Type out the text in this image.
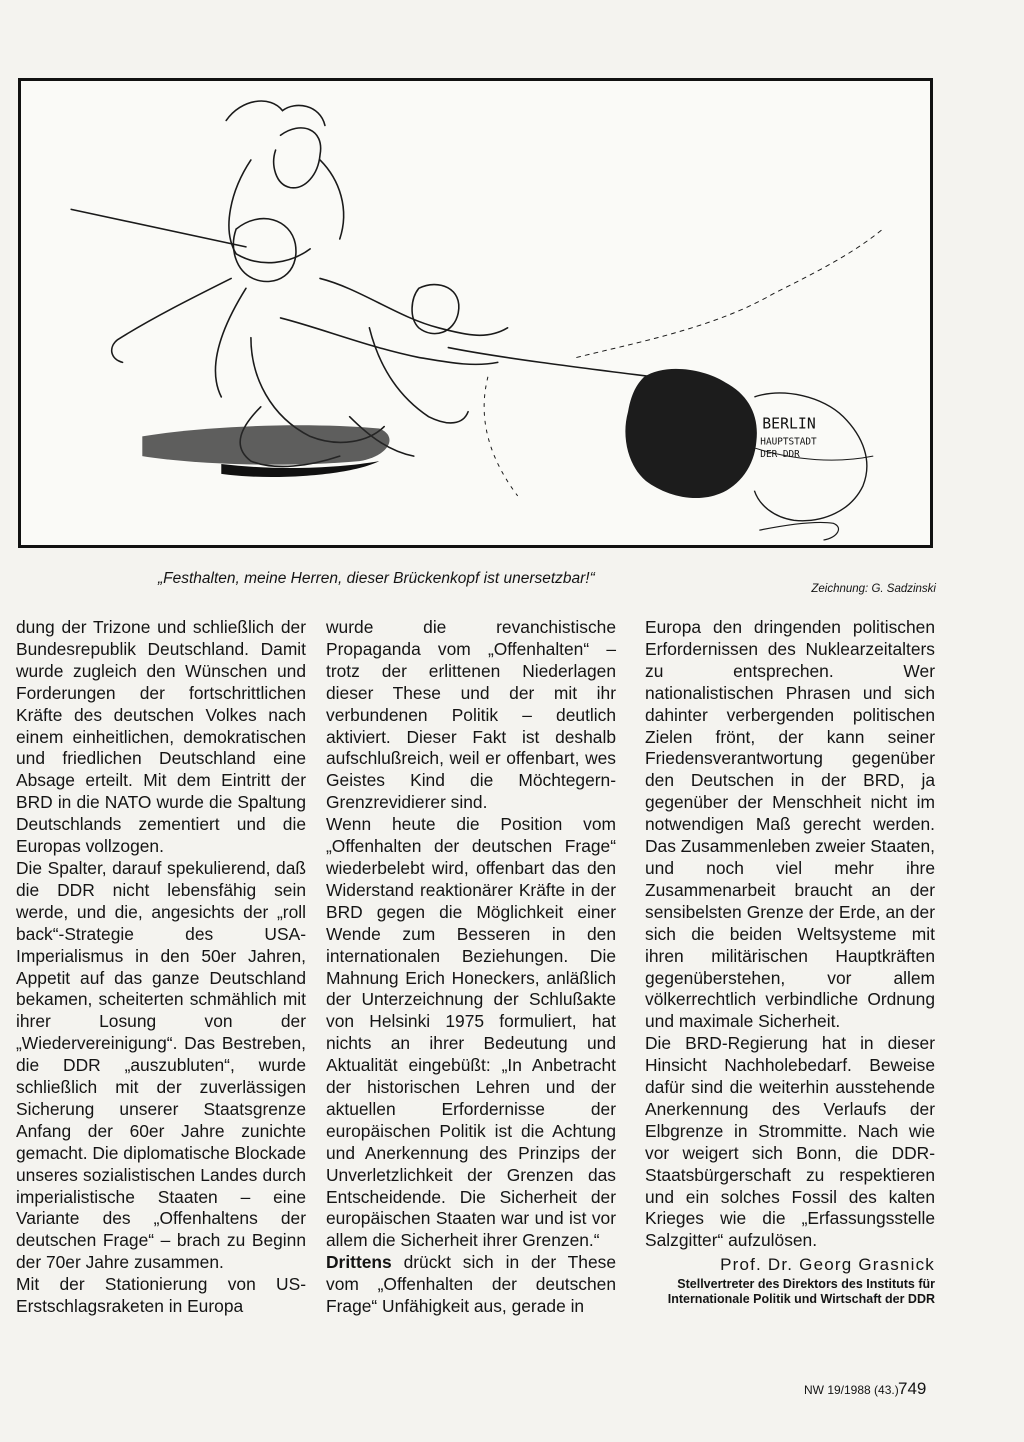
BERLIN
HAUPTSTADT
DER DDR
„Festhalten, meine Herren, dieser Brückenkopf ist unersetzbar!“
Zeichnung: G. Sadzinski

dung der Trizone und schließlich der Bundesrepublik Deutschland. Damit wurde zugleich den Wünschen und Forderungen der fortschrittlichen Kräfte des deutschen Volkes nach einem einheitlichen, demokratischen und friedlichen Deutschland eine Absage erteilt. Mit dem Eintritt der BRD in die NATO wurde die Spaltung Deutschlands zementiert und die Europas vollzogen.

Die Spalter, darauf spekulierend, daß die DDR nicht lebensfähig sein werde, und die, angesichts der „roll back“-Strategie des USA-Imperialismus in den 50er Jahren, Appetit auf das ganze Deutschland bekamen, scheiterten schmählich mit ihrer Losung von der „Wiedervereinigung“. Das Bestreben, die DDR „auszubluten“, wurde schließlich mit der zuverlässigen Sicherung unserer Staatsgrenze Anfang der 60er Jahre zunichte gemacht. Die diplomatische Blockade unseres sozialistischen Landes durch imperialistische Staaten – eine Variante des „Offenhaltens der deutschen Frage“ – brach zu Beginn der 70er Jahre zusammen.

Mit der Stationierung von US-Erstschlagsraketen in Europa

wurde die revanchistische Propaganda vom „Offenhalten“ – trotz der erlittenen Niederlagen dieser These und der mit ihr verbundenen Politik – deutlich aktiviert. Dieser Fakt ist deshalb aufschlußreich, weil er offenbart, wes Geistes Kind die Möchtegern-Grenzrevidierer sind.

Wenn heute die Position vom „Offenhalten der deutschen Frage“ wiederbelebt wird, offenbart das den Widerstand reaktionärer Kräfte in der BRD gegen die Möglichkeit einer Wende zum Besseren in den internationalen Beziehungen. Die Mahnung Erich Honeckers, anläßlich der Unterzeichnung der Schlußakte von Helsinki 1975 formuliert, hat nichts an ihrer Bedeutung und Aktualität eingebüßt: „In Anbetracht der historischen Lehren und der aktuellen Erfordernisse der europäischen Politik ist die Achtung und Anerkennung des Prinzips der Unverletzlichkeit der Grenzen das Entscheidende. Die Sicherheit der europäischen Staaten war und ist vor allem die Sicherheit ihrer Grenzen.“

Drittens drückt sich in der These vom „Offenhalten der deutschen Frage“ Unfähigkeit aus, gerade in

Europa den dringenden politischen Erfordernissen des Nuklearzeitalters zu entsprechen. Wer nationalistischen Phrasen und sich dahinter verbergenden politischen Zielen frönt, der kann seiner Friedensverantwortung gegenüber den Deutschen in der BRD, ja gegenüber der Menschheit nicht im notwendigen Maß gerecht werden. Das Zusammenleben zweier Staaten, und noch viel mehr ihre Zusammenarbeit braucht an der sensibelsten Grenze der Erde, an der sich die beiden Weltsysteme mit ihren militärischen Hauptkräften gegenüberstehen, vor allem völkerrechtlich verbindliche Ordnung und maximale Sicherheit.

Die BRD-Regierung hat in dieser Hinsicht Nachholebedarf. Beweise dafür sind die weiterhin ausstehende Anerkennung des Verlaufs der Elbgrenze in Strommitte. Nach wie vor weigert sich Bonn, die DDR-Staatsbürgerschaft zu respektieren und ein solches Fossil des kalten Krieges wie die „Erfassungsstelle Salzgitter“ aufzulösen.

Prof. Dr. Georg Grasnick
Stellvertreter des Direktors des Instituts für Internationale Politik und Wirtschaft der DDR
NW 19/1988 (43.) 749
